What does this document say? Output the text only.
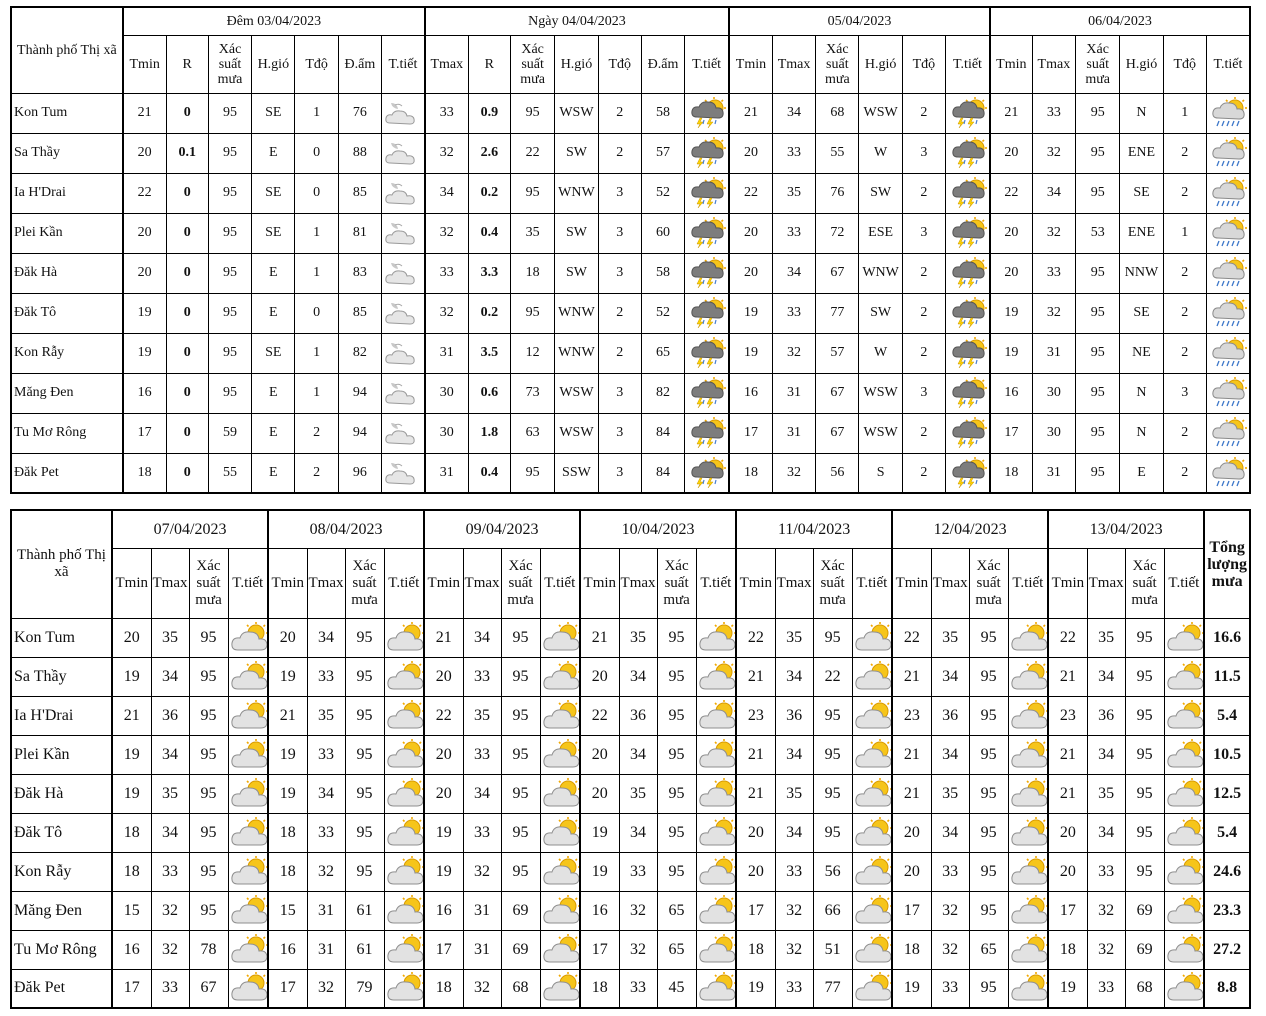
Thành phố Thị xã	Đêm 03/04/2023							Ngày 04/04/2023							05/04/2023						06/04/2023					
	Tmin	R	Xác suất mưa	H.gió	Tđộ	Đ.ẩm	T.tiết	Tmax	R	Xác suất mưa	H.gió	Tđộ	Đ.ẩm	T.tiết	Tmin	Tmax	Xác suất mưa	H.gió	Tđộ	T.tiết	Tmin	Tmax	Xác suất mưa	H.gió	Tđộ	T.tiết
Kon Tum	21	0	95	SE	1	76		33	0.9	95	WSW	2	58		21	34	68	WSW	2		21	33	95	N	1	

Sa Thầy	20	0.1	95	E	0	88		32	2.6	22	SW	2	57		20	33	55	W	3		20	32	95	ENE	2	

Ia H'Drai	22	0	95	SE	0	85		34	0.2	95	WNW	3	52		22	35	76	SW	2		22	34	95	SE	2	

Plei Kần	20	0	95	SE	1	81		32	0.4	35	SW	3	60		20	33	72	ESE	3		20	32	53	ENE	1	

Đăk Hà	20	0	95	E	1	83		33	3.3	18	SW	3	58		20	34	67	WNW	2		20	33	95	NNW	2	

Đăk Tô	19	0	95	E	0	85		32	0.2	95	WNW	2	52		19	33	77	SW	2		19	32	95	SE	2	

Kon Rẫy	19	0	95	SE	1	82		31	3.5	12	WNW	2	65		19	32	57	W	2		19	31	95	NE	2	

Măng Đen	16	0	95	E	1	94		30	0.6	73	WSW	3	82		16	31	67	WSW	3		16	30	95	N	3	

Tu Mơ Rông	17	0	59	E	2	94		30	1.8	63	WSW	3	84		17	31	67	WSW	2		17	30	95	N	2	

Đăk Pet	18	0	55	E	2	96		31	0.4	95	SSW	3	84		18	32	56	S	2		18	31	95	E	2	
Thành phố Thị xã	07/04/2023				08/04/2023				09/04/2023				10/04/2023				11/04/2023				12/04/2023				13/04/2023				Tổng lượng mưa
	Tmin	Tmax	Xác suất mưa	T.tiết	Tmin	Tmax	Xác suất mưa	T.tiết	Tmin	Tmax	Xác suất mưa	T.tiết	Tmin	Tmax	Xác suất mưa	T.tiết	Tmin	Tmax	Xác suất mưa	T.tiết	Tmin	Tmax	Xác suất mưa	T.tiết	Tmin	Tmax	Xác suất mưa	T.tiết	
Kon Tum	20	35	95		20	34	95		21	34	95		21	35	95		22	35	95		22	35	95		22	35	95		16.6
Sa Thầy	19	34	95		19	33	95		20	33	95		20	34	95		21	34	22		21	34	95		21	34	95		11.5
Ia H'Drai	21	36	95		21	35	95		22	35	95		22	36	95		23	36	95		23	36	95		23	36	95		5.4
Plei Kần	19	34	95		19	33	95		20	33	95		20	34	95		21	34	95		21	34	95		21	34	95		10.5
Đăk Hà	19	35	95		19	34	95		20	34	95		20	35	95		21	35	95		21	35	95		21	35	95		12.5
Đăk Tô	18	34	95		18	33	95		19	33	95		19	34	95		20	34	95		20	34	95		20	34	95		5.4
Kon Rẫy	18	33	95		18	32	95		19	32	95		19	33	95		20	33	56		20	33	95		20	33	95		24.6
Măng Đen	15	32	95		15	31	61		16	31	69		16	32	65		17	32	66		17	32	95		17	32	69		23.3
Tu Mơ Rông	16	32	78		16	31	61		17	31	69		17	32	65		18	32	51		18	32	65		18	32	69		27.2
Đăk Pet	17	33	67		17	32	79		18	32	68		18	33	45		19	33	77		19	33	95		19	33	68		8.8
